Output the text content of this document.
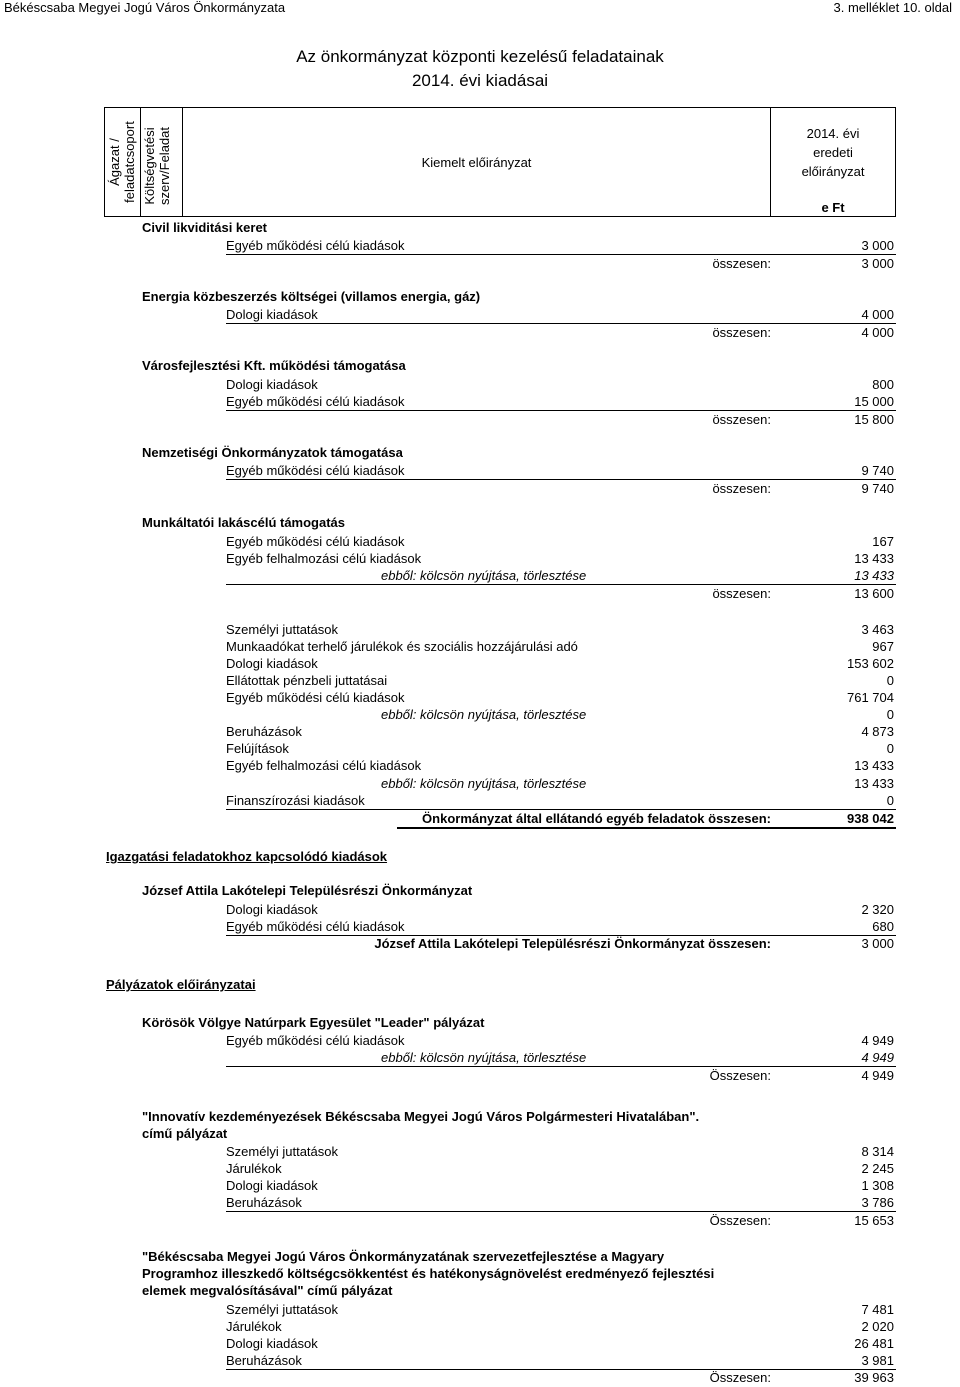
Békéscsaba Megyei Jogú Város Önkormányzata	3. melléklet 10. oldal
Az önkormányzat központi kezelésű feladatainak
2014. évi kiadásai
Ágazat / feladatcsoport Költségvetési szerv/Feladat	Kiemelt előirányzat
2014. évi
eredeti
előirányzat
e Ft
Civil likviditási keret
Egyéb működési célú kiadások	3 000
összesen:	3 000
Energia közbeszerzés költségei (villamos energia, gáz)
Dologi kiadások	4 000
összesen:	4 000
Városfejlesztési Kft. működési támogatása
Dologi kiadások	800
Egyéb működési célú kiadások	15 000
összesen:	15 800
Nemzetiségi Önkormányzatok támogatása
Egyéb működési célú kiadások	9 740
összesen:	9 740
Munkáltatói lakáscélú támogatás
Egyéb működési célú kiadások	167
Egyéb felhalmozási célú kiadások	13 433
ebből: kölcsön nyújtása, törlesztése	13 433
összesen:	13 600
Személyi juttatások	3 463
Munkaadókat terhelő járulékok és szociális hozzájárulási adó	967
Dologi kiadások	153 602
Ellátottak pénzbeli juttatásai	0
Egyéb működési célú kiadások	761 704
ebből: kölcsön nyújtása, törlesztése	0
Beruházások	4 873
Felújítások	0
Egyéb felhalmozási célú kiadások	13 433
ebből: kölcsön nyújtása, törlesztése	13 433
Finanszírozási kiadások	0
Önkormányzat által ellátandó egyéb feladatok összesen:	938 042
Igazgatási feladatokhoz kapcsolódó kiadások
József Attila Lakótelepi Településrészi Önkormányzat
Dologi kiadások	2 320
Egyéb működési célú kiadások	680
József Attila Lakótelepi Településrészi Önkormányzat összesen:	3 000
Pályázatok előirányzatai
Körösök Völgye Natúrpark Egyesület "Leader" pályázat
Egyéb működési célú kiadások	4 949
ebből: kölcsön nyújtása, törlesztése	4 949
Összesen:	4 949
"Innovatív kezdeményezések Békéscsaba Megyei Jogú Város Polgármesteri Hivatalában".
című pályázat
Személyi juttatások	8 314
Járulékok	2 245
Dologi kiadások	1 308
Beruházások	3 786
Összesen:	15 653
"Békéscsaba Megyei Jogú Város Önkormányzatának szervezetfejlesztése a Magyary
Programhoz illeszkedő költségcsökkentést és hatékonyságnövelést eredményező fejlesztési
elemek megvalósításával" című pályázat
Személyi juttatások	7 481
Járulékok	2 020
Dologi kiadások	26 481
Beruházások	3 981
Összesen:	39 963
